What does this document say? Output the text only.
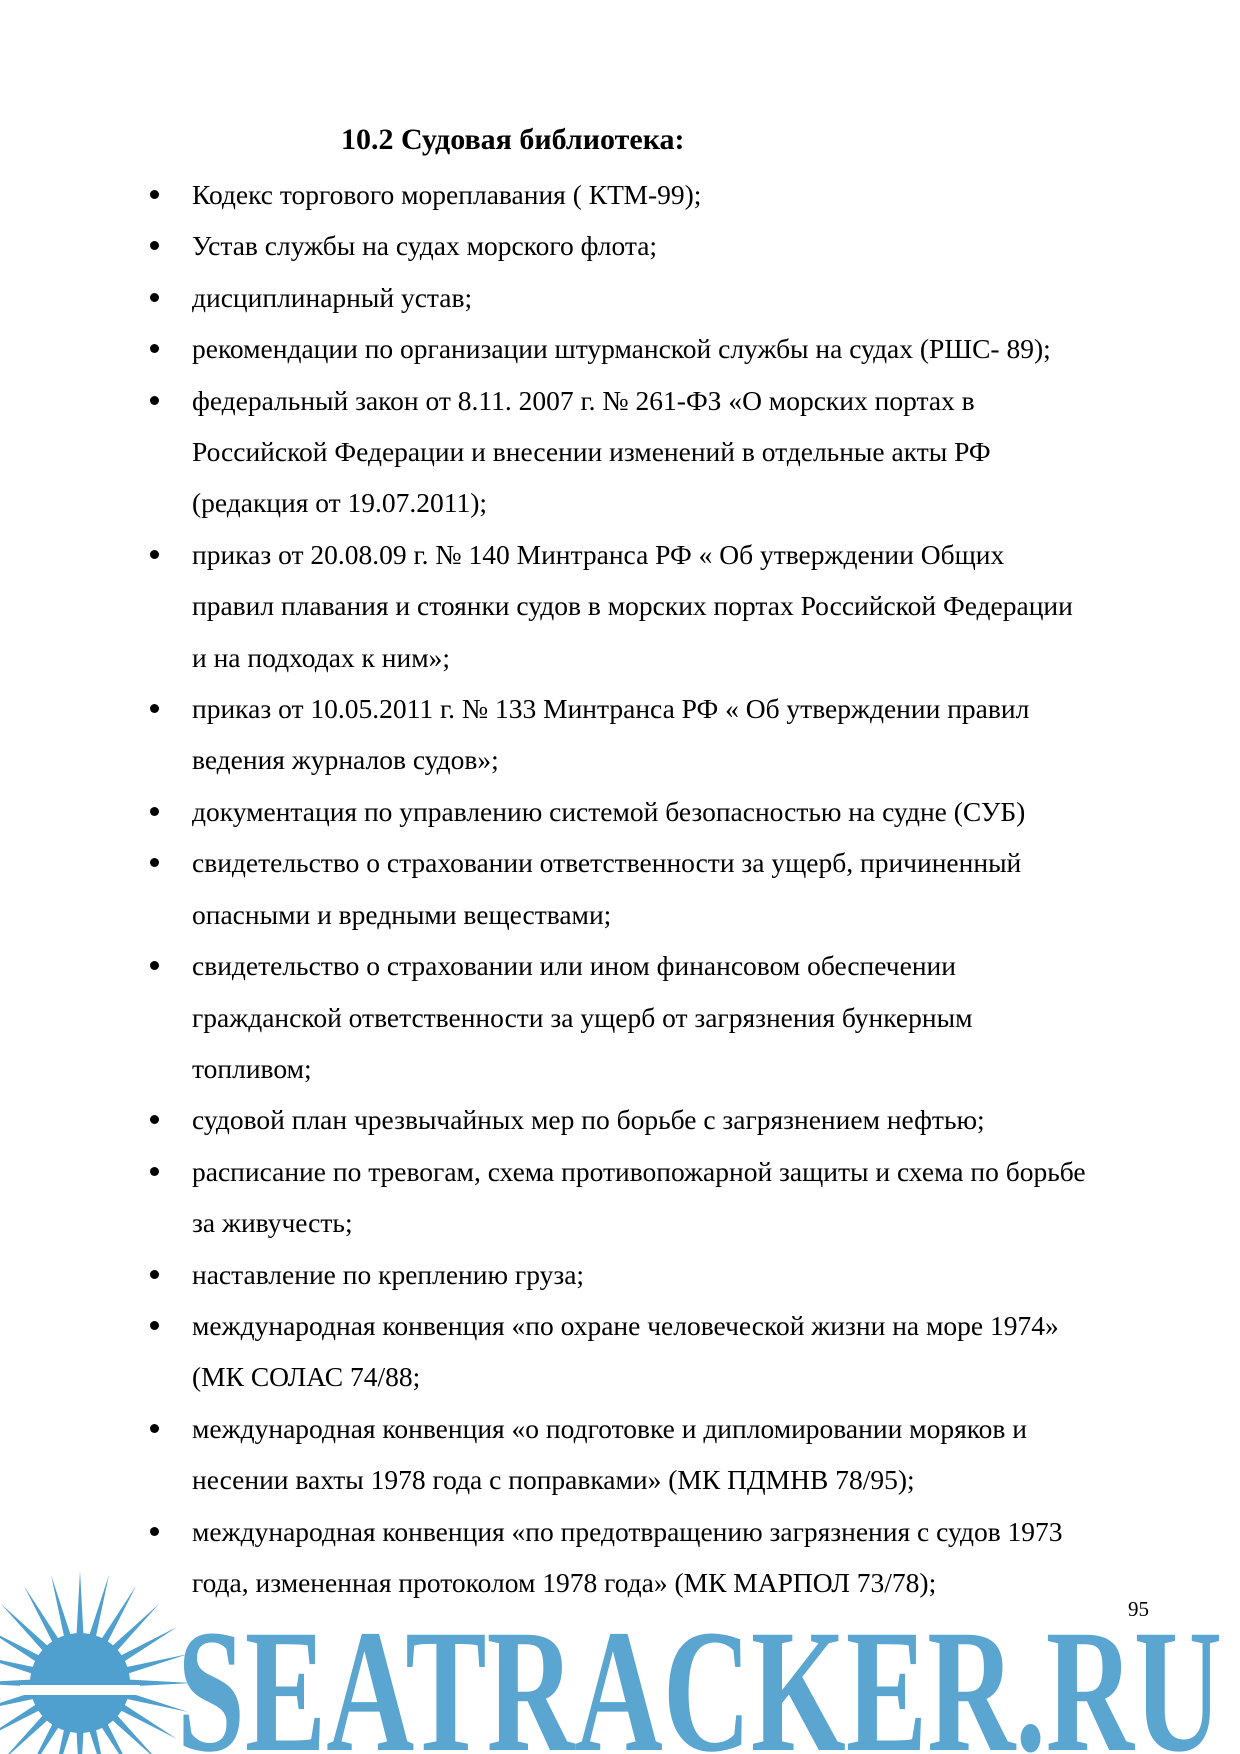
10.2 Судовая библиотека:
Кодекс торгового мореплавания ( КТМ-99);
Устав службы на судах морского флота;
дисциплинарный устав;
рекомендации по организации штурманской службы на судах (РШС- 89);
федеральный закон от 8.11. 2007 г. № 261-ФЗ «О морских портах в
Российской Федерации и внесении изменений в отдельные акты РФ
(редакция от 19.07.2011);
приказ от 20.08.09 г. № 140 Минтранса РФ « Об утверждении Общих
правил плавания и стоянки судов в морских портах Российской Федерации
и на подходах к ним»;
приказ от 10.05.2011 г. № 133 Минтранса РФ « Об утверждении правил
ведения журналов судов»;
документация по управлению системой безопасностью на судне (СУБ)
свидетельство о страховании ответственности за ущерб, причиненный
опасными и вредными веществами;
свидетельство о страховании или ином финансовом обеспечении
гражданской ответственности за ущерб от загрязнения бункерным
топливом;
судовой план чрезвычайных мер по борьбе с загрязнением нефтью;
расписание по тревогам, схема противопожарной защиты и схема по борьбе
за живучесть;
наставление по креплению груза;
международная конвенция «по охране человеческой жизни на море 1974»
(МК СОЛАС 74/88;
международная конвенция «о подготовке и дипломировании моряков и
несении вахты 1978 года с поправками» (МК ПДМНВ 78/95);
международная конвенция «по предотвращению загрязнения с судов 1973
года, измененная протоколом 1978 года» (МК МАРПОЛ 73/78);
SEATRACKER.RU
95
